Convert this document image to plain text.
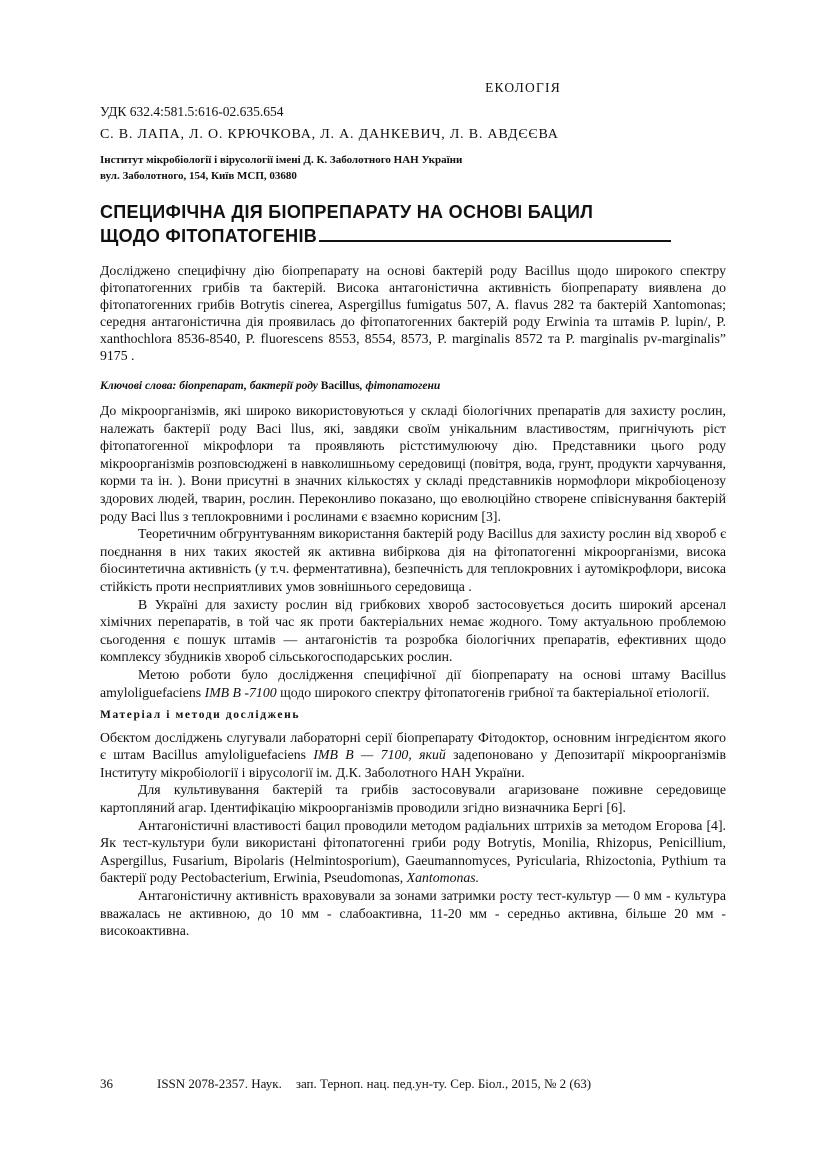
ЕКОЛОГІЯ
УДК 632.4:581.5:616-02.635.654
С. В. ЛАПА, Л. О. КРЮЧКОВА, Л. А. ДАНКЕВИЧ, Л. В. АВДЄЄВА
Інститут мікробіології і вірусології імені Д. К. Заболотного НАН України
вул. Заболотного, 154, Київ МСП, 03680
СПЕЦИФІЧНА ДІЯ БІОПРЕПАРАТУ НА ОСНОВІ БАЦИЛ
ЩОДО ФІТОПАТОГЕНІВ
Досліджено специфічну дію біопрепарату на основі бактерій роду Bacillus щодо широкого спектру фітопатогенних грибів та бактерій. Висока антагоністична активність біопрепарату виявлена до фітопатогенних грибів Botrytis cinerea, Aspergillus fumigatus 507, A. flavus 282 та бактерій Xantomonas; середня антагоністична дія проявилась до фітопатогенних бактерій роду Erwinia та штамів P. lupin/, P. xanthochlora 8536-8540, P. fluorescens 8553, 8554, 8573, P. marginalis 8572 та P. marginalis pv-marginalis” 9175 .
Ключові слова: біопрепарат, бактерії роду Bacillus, фітопатогени

До мікроорганізмів, які широко використовуються у складі біологічних препаратів для захисту рослин, належать бактерії роду Baci llus, які, завдяки своїм унікальним властивостям, пригнічують ріст фітопатогенної мікрофлори та проявляють рістстимулюючу дію. Представники цього роду мікроорганізмів розповсюджені в навколишньому середовищі (повітря, вода, грунт, продукти харчування, корми та ін. ). Вони присутні в значних кількостях у складі представників нормофлори мікробіоценозу здорових людей, тварин, рослин. Переконливо показано, що еволюційно створене співіснування бактерій роду Baci llus з теплокровними і рослинами є взаємно корисним [3].

Теоретичним обгрунтуванням використання бактерій роду Bacillus для захисту рослин від хвороб є поєднання в них таких якостей як активна вибіркова дія на фітопатогенні мікроорганізми, висока біосинтетична активність (у т.ч. ферментативна), безпечність для теплокровних і аутомікрофлори, висока стійкість проти несприятливих умов зовнішнього середовища .

В Україні для захисту рослин від грибкових хвороб застосовується досить широкий арсенал хімічних перепаратів, в той час як проти бактеріальних немає жодного. Тому актуальною проблемою сьогодення є пошук штамів — антагоністів та розробка біологічних препаратів, ефективних щодо комплексу збудників хвороб сільськогосподарських рослин.

Метою роботи було дослідження специфічної дії біопрепарату на основі штаму Bacillus amyloliguefaciens IMB B -7100 щодо широкого спектру фітопатогенів грибної та бактеріальної етіології.

Матеріал і методи досліджень

Обєктом досліджень слугували лабораторні серії біопрепарату Фітодоктор, основним інгредієнтом якого є штам Bacillus amyloliguefaciens IMB B — 7100, який задепоновано у Депозитарії мікроорганізмів Інституту мікробіології і вірусології ім. Д.К. Заболотного НАН України.

Для культивування бактерій та грибів застосовували агаризоване поживне середовище картопляний агар. Ідентифікацію мікроорганізмів проводили згідно визначника Бергі [6].

Антагоністичні властивості бацил проводили методом радіальних штрихів за методом Егорова [4]. Як тест-культури були використані фітопатогенні гриби роду Botrytis, Monilia, Rhizopus, Penicillium, Aspergillus, Fusarium, Bipolaris (Helmintosporium), Gaeumannomyces, Pyricularia, Rhizoctonia, Pythium та бактерії роду Pectobacterium, Erwinia, Pseudomonas, Xantomonas.

Антагоністичну активність враховували за зонами затримки росту тест-культур — 0 мм - культура вважалась не активною, до 10 мм - слабоактивна, 11-20 мм - середньо активна, більше 20 мм - високоактивна.

36	ISSN 2078-2357. Наук. зап. Терноп. нац. пед.ун-ту. Сер. Біол., 2015, № 2 (63)
